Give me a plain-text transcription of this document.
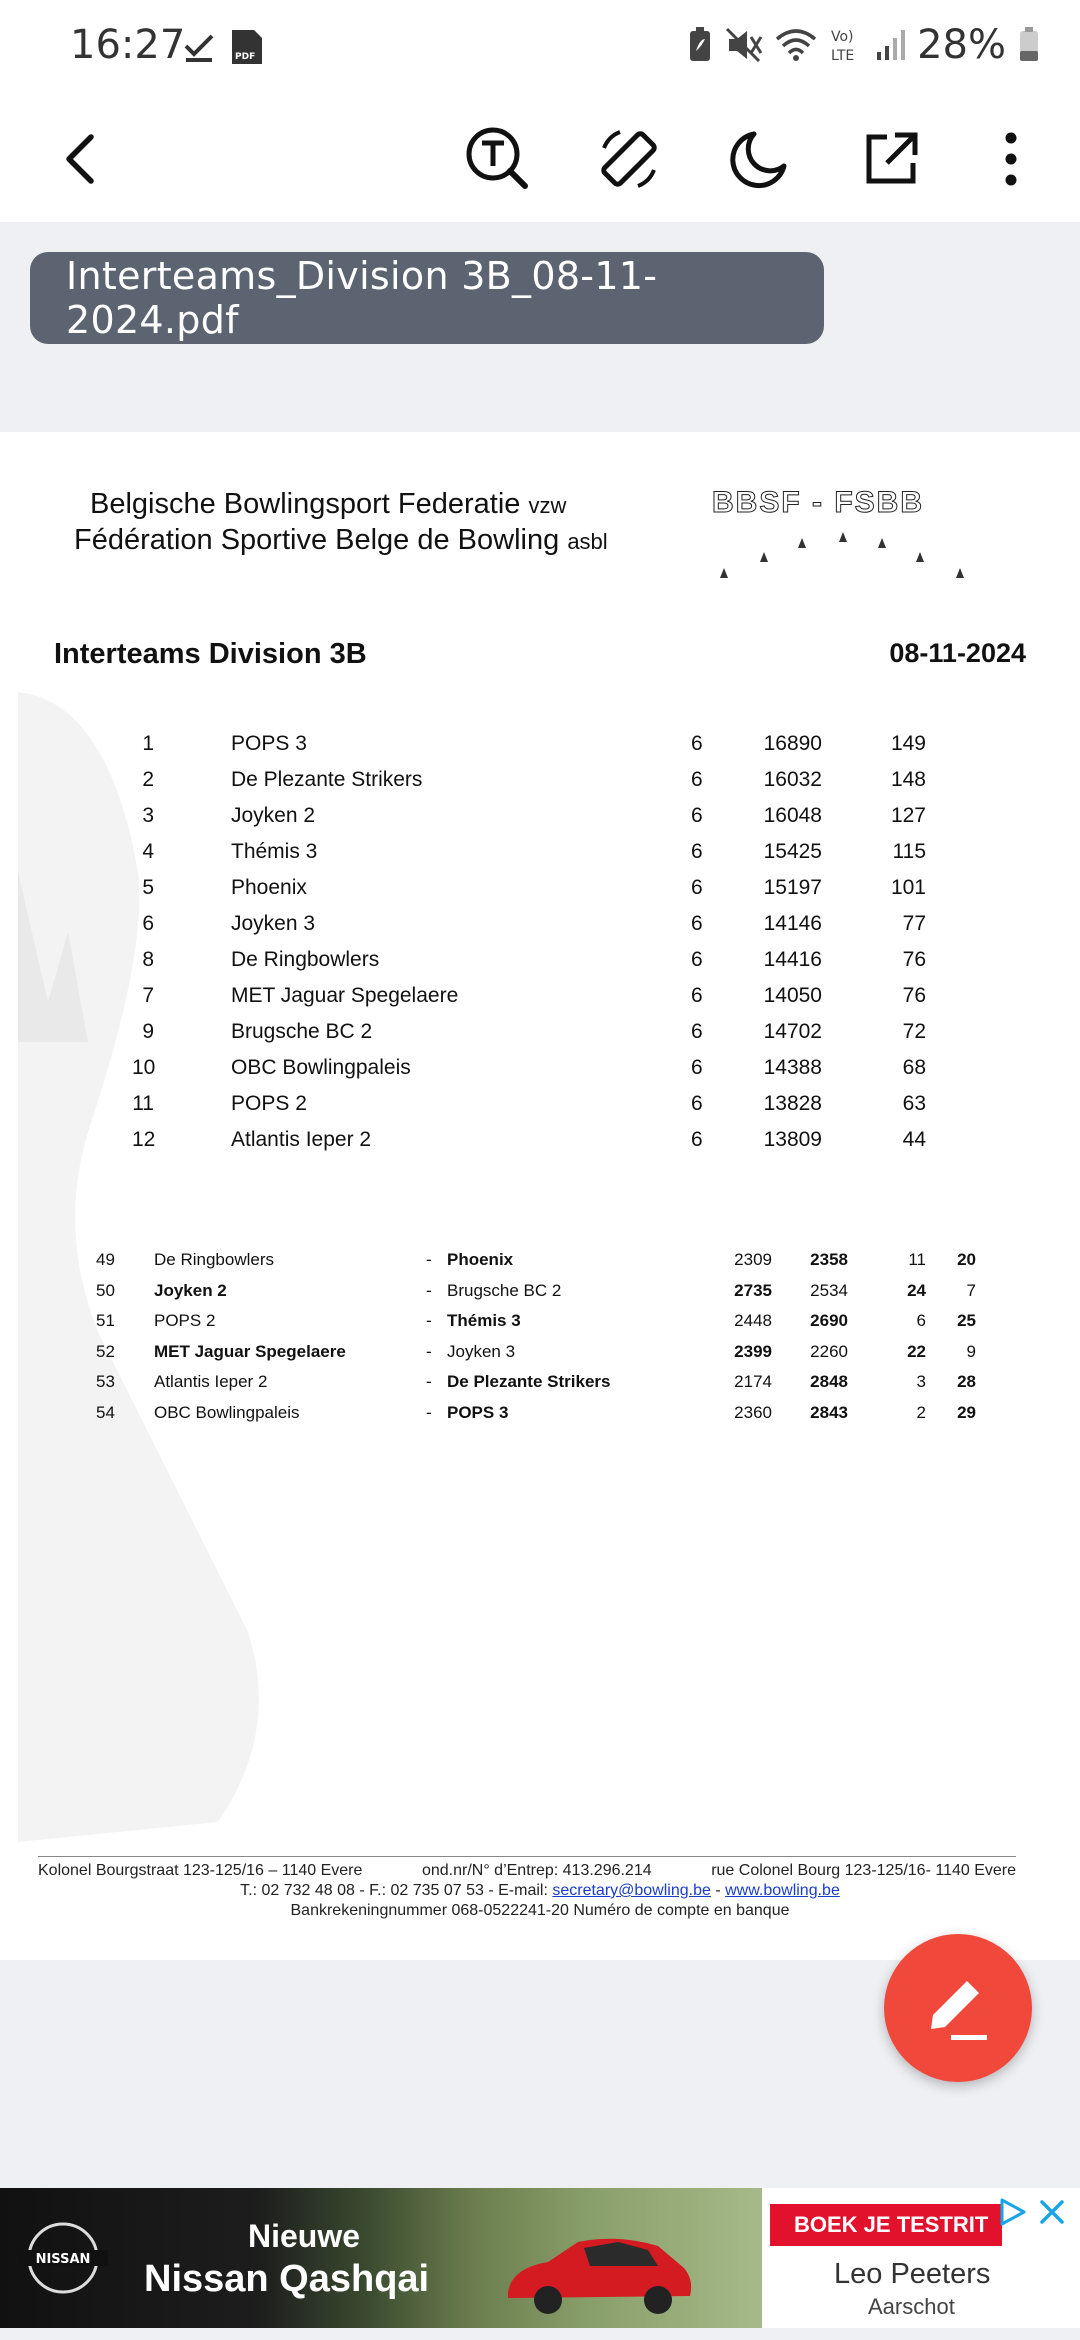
16:27	PDF
Vo)
LTE 28%
Interteams_Division 3B_08-11-2024.pdf
Belgische Bowlingsport Federatie vzw
Fédération Sportive Belge de Bowling asbl
BBSF - FSBB
Interteams Division 3B	08-11-2024
1	POPS 3	6	16890	149
2	De Plezante Strikers	6	16032	148
3	Joyken 2	6	16048	127
4	Thémis 3	6	15425	115
5	Phoenix	6	15197	101
6	Joyken 3	6	14146	77
8	De Ringbowlers	6	14416	76
7	MET Jaguar Spegelaere	6	14050	76
9	Brugsche BC 2	6	14702	72
10	OBC Bowlingpaleis	6	14388	68
11	POPS 2	6	13828	63
12	Atlantis Ieper 2	6	13809	44
49 De Ringbowlers	- Phoenix	2309	2358	11	20
50 Joyken 2	- Brugsche BC 2	2735	2534	24	7
51 POPS 2	- Thémis 3	2448	2690	6	25
52 MET Jaguar Spegelaere	- Joyken 3	2399	2260	22	9
53 Atlantis Ieper 2	- De Plezante Strikers	2174	2848	3	28
54 OBC Bowlingpaleis	- POPS 3	2360	2843	2	29
Kolonel Bourgstraat 123-125/16 – 1140 Evere	ond.nr/N° d’Entrep: 413.296.214	rue Colonel Bourg 123-125/16- 1140 Evere
T.: 02 732 48 08 - F.: 02 735 07 53 - E-mail: secretary@bowling.be - www.bowling.be
Bankrekeningnummer 068-0522241-20 Numéro de compte en banque
NISSAN
Nieuwe
Nissan Qashqai
BOEK JE TESTRIT
Leo Peeters
Aarschot
